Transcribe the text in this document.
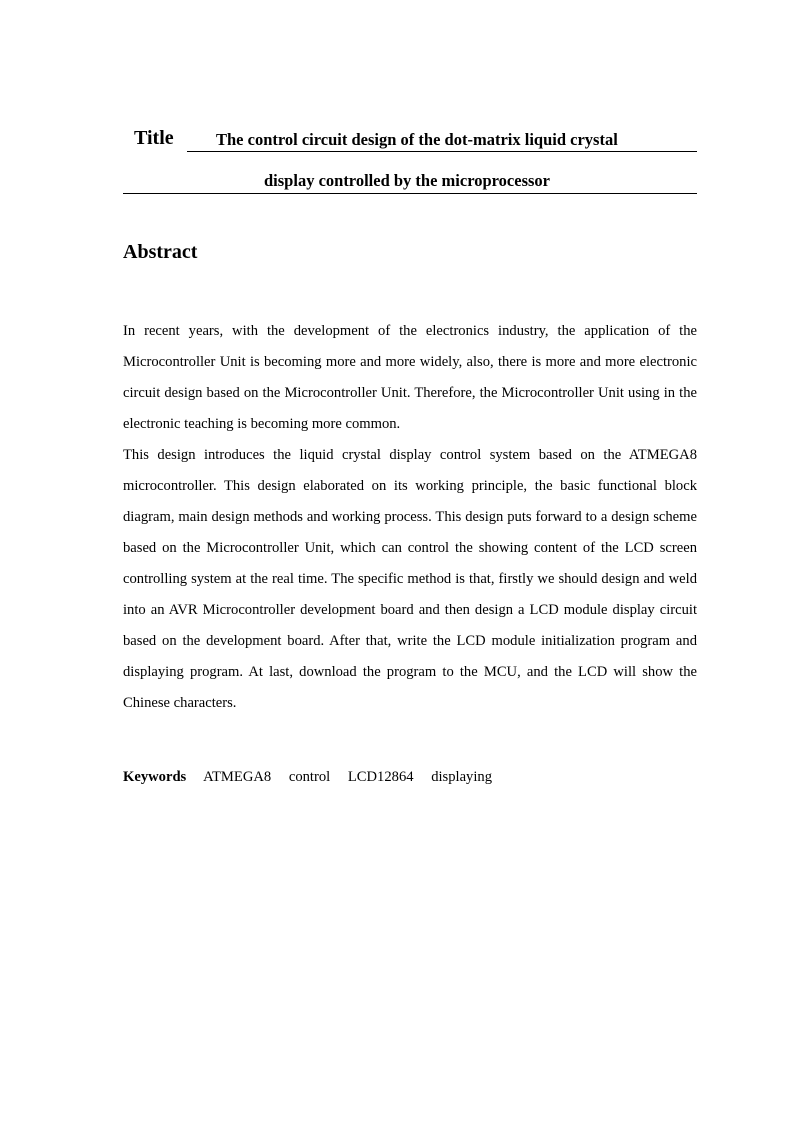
Title	The control circuit design of the dot-matrix liquid crystal
display controlled by the microprocessor
Abstract
In recent years, with the development of the electronics industry, the application of the Microcontroller Unit is becoming more and more widely, also, there is more and more electronic circuit design based on the Microcontroller Unit. Therefore, the Microcontroller Unit using in the electronic teaching is becoming more common.
This design introduces the liquid crystal display control system based on the ATMEGA8 microcontroller. This design elaborated on its working principle, the basic functional block diagram, main design methods and working process. This design puts forward to a design scheme based on the Microcontroller Unit, which can control the showing content of the LCD screen controlling system at the real time. The specific method is that, firstly we should design and weld into an AVR Microcontroller development board and then design a LCD module display circuit based on the development board. After that, write the LCD module initialization program and displaying program. At last, download the program to the MCU, and the LCD will show the Chinese characters.
Keywords ATMEGA8 control LCD12864 displaying
